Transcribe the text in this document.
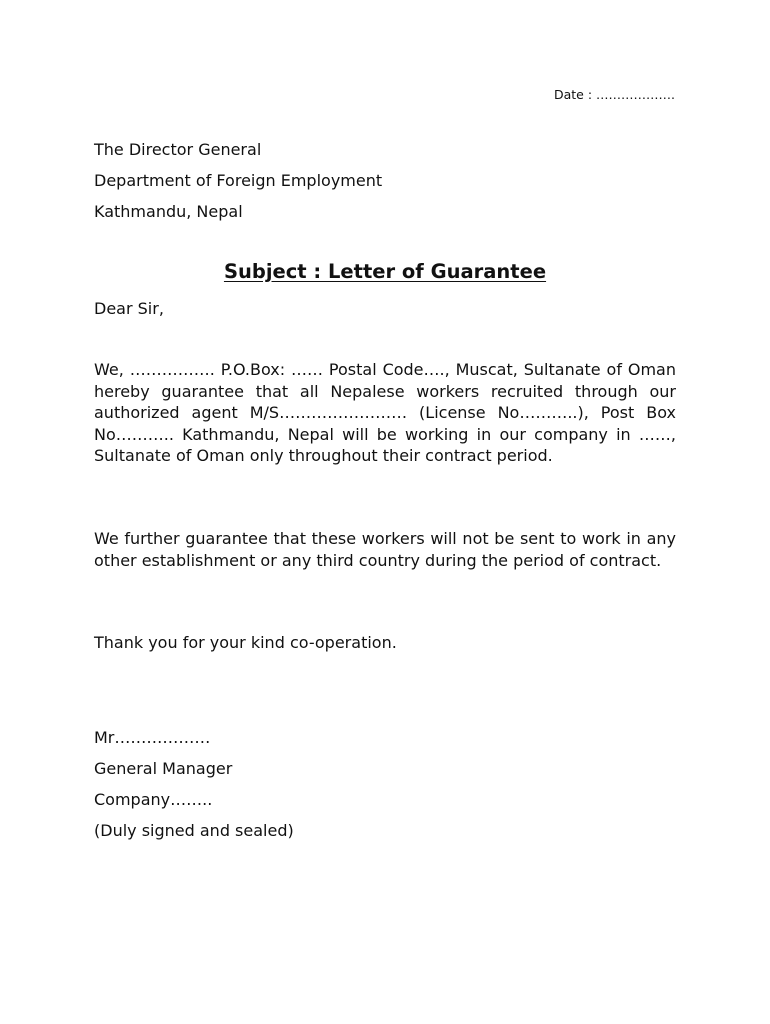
Date : ……………….
The Director General
Department of Foreign Employment
Kathmandu, Nepal
Subject : Letter of Guarantee
Dear Sir,
We, ……………. P.O.Box: …… Postal Code…., Muscat, Sultanate of Oman hereby guarantee that all Nepalese workers recruited through our authorized agent M/S…………………… (License No………..), Post Box No……….. Kathmandu, Nepal will be working in our company in ……, Sultanate of Oman only throughout their contract period.
We further guarantee that these workers will not be sent to work in any other establishment or any third country during the period of contract.
Thank you for your kind co-operation.
Mr………………
General Manager
Company……..
(Duly signed and sealed)
